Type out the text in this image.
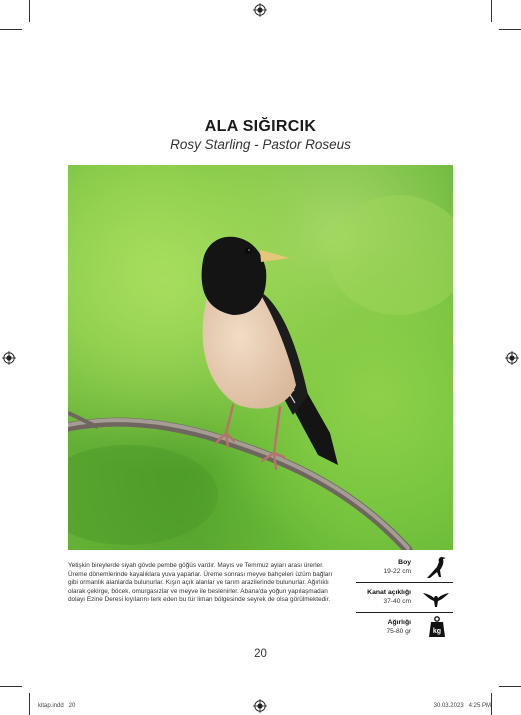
ALA SIĞIRCIK
Rosy Starling - Pastor Roseus
Yetişkin bireylerde siyah gövde pembe göğüs vardır. Mayıs ve Temmuz ayları arası ürerler. Üreme dönemlerinde kayalıklara yuva yaparlar. Üreme sonrası meyve bahçeleri üzüm bağları gibi ormanlık alanlarda bulunurlar. Kışın açık alanlar ve tarım arazilerinde bulunurlar. Ağırlıklı olarak çekirge, böcek, omurgasızlar ve meyve ile beslenirler. Abana'da yoğun yapılaşmadan dolayı Ezine Deresi kıyılarını terk eden bu tür liman bölgesinde seyrek de olsa görülmektedir.
Boy
19-22 cm
Kanat açıklığı
37-40 cm
Ağırlığı
75-80 gr	kg
20
kitap.indd   20	30.03.2023   4:25 PM
